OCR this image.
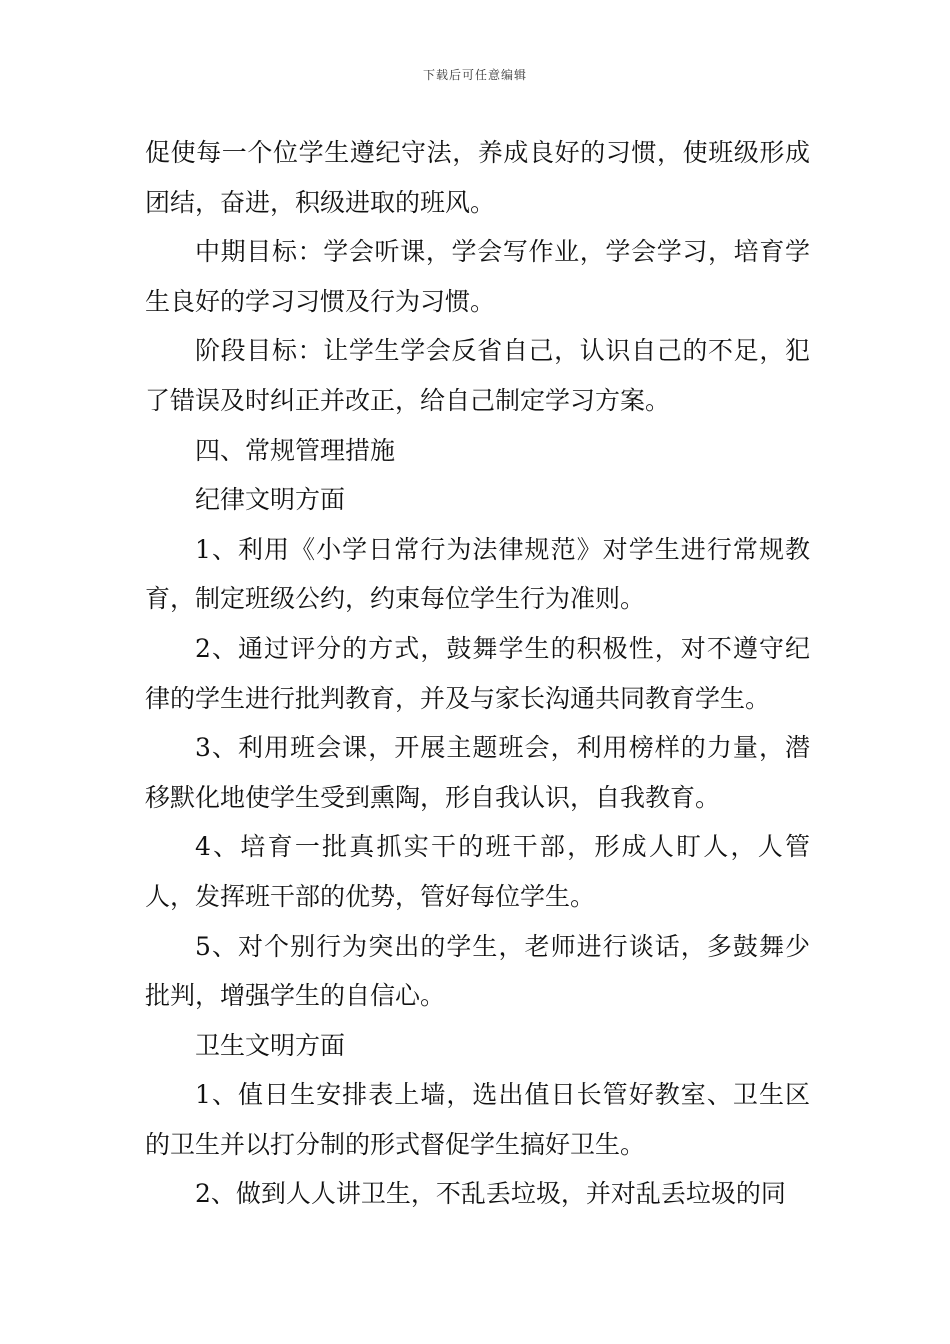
下载后可任意编辑

促使每一个位学生遵纪守法，养成良好的习惯，使班级形成团结，奋进，积级进取的班风。

中期目标：学会听课，学会写作业，学会学习，培育学生良好的学习习惯及行为习惯。

阶段目标：让学生学会反省自己，认识自己的不足，犯了错误及时纠正并改正，给自己制定学习方案。

四、常规管理措施

纪律文明方面

1、利用《小学日常行为法律规范》对学生进行常规教育，制定班级公约，约束每位学生行为准则。

2、通过评分的方式，鼓舞学生的积极性，对不遵守纪律的学生进行批判教育，并及与家长沟通共同教育学生。

3、利用班会课，开展主题班会，利用榜样的力量，潜移默化地使学生受到熏陶，形自我认识，自我教育。

4、培育一批真抓实干的班干部，形成人盯人，人管人，发挥班干部的优势，管好每位学生。

5、对个别行为突出的学生，老师进行谈话，多鼓舞少批判，增强学生的自信心。

卫生文明方面

1、值日生安排表上墙，选出值日长管好教室、卫生区的卫生并以打分制的形式督促学生搞好卫生。

2、做到人人讲卫生，不乱丢垃圾，并对乱丢垃圾的同
